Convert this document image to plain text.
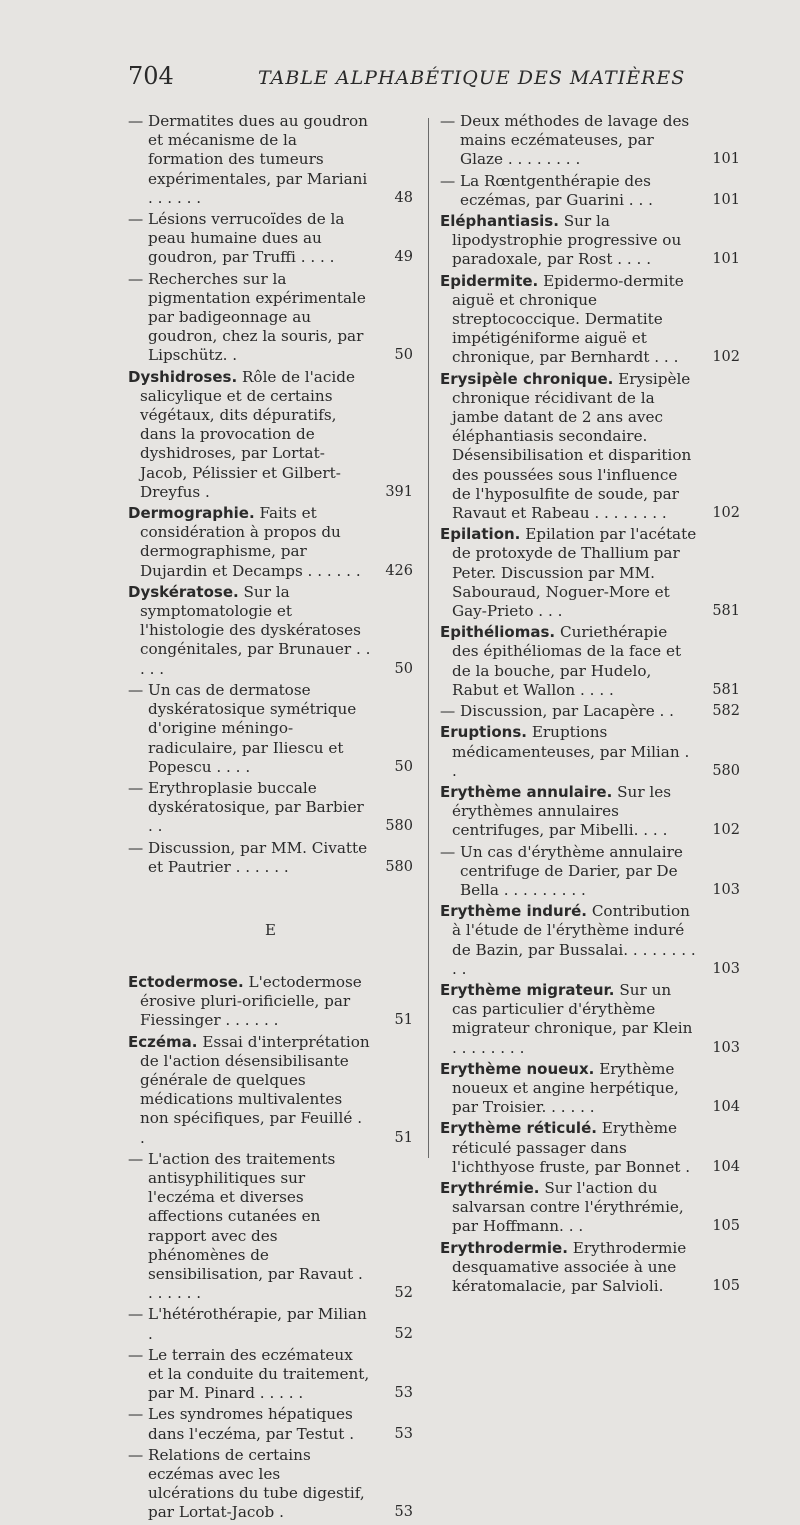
704	TABLE ALPHABÉTIQUE DES MATIÈRES
— Dermatites dues au goudron et mécanisme de la formation des tumeurs expérimentales, par Mariani . . . . . .	48
— Lésions verrucoïdes de la peau humaine dues au goudron, par Truffi . . . .	49
— Recherches sur la pigmentation expérimentale par badigeonnage au goudron, chez la souris, par Lipschütz. .	50
Dyshidroses. Rôle de l'acide salicylique et de certains végétaux, dits dépuratifs, dans la provocation de dyshidroses, par Lortat-Jacob, Pélissier et Gilbert-Dreyfus .	391
Dermographie. Faits et considération à propos du dermographisme, par Dujardin et Decamps . . . . . .	426
Dyskératose. Sur la symptomatologie et l'histologie des dyskératoses congénitales, par Brunauer . . . . .	50
— Un cas de dermatose dyskératosique symétrique d'origine méningo-radiculaire, par Iliescu et Popescu . . . .	50
— Erythroplasie buccale dyskératosique, par Barbier . .	580
— Discussion, par MM. Civatte et Pautrier . . . . . .	580
E
Ectodermose. L'ectodermose érosive pluri-orificielle, par Fiessinger . . . . . .	51
Eczéma. Essai d'interprétation de l'action désensibilisante générale de quelques médications multivalentes non spécifiques, par Feuillé . .	51
— L'action des traitements antisyphilitiques sur l'eczéma et diverses affections cutanées en rapport avec des phénomènes de sensibilisation, par Ravaut . . . . . . .	52
— L'hétérothérapie, par Milian .	52
— Le terrain des eczémateux et la conduite du traitement, par M. Pinard . . . . .	53
— Les syndromes hépatiques dans l'eczéma, par Testut .	53
— Relations de certains eczémas avec les ulcérations du tube digestif, par Lortat-Jacob .	53
— Deux méthodes de lavage des mains eczémateuses, par Glaze . . . . . . . .	101
— La Rœntgenthérapie des eczémas, par Guarini . . .	101
Eléphantiasis. Sur la lipodystrophie progressive ou paradoxale, par Rost . . . .	101
Epidermite. Epidermo-dermite aiguë et chronique streptococcique. Dermatite impétigéniforme aiguë et chronique, par Bernhardt . . .	102
Erysipèle chronique. Erysipèle chronique récidivant de la jambe datant de 2 ans avec éléphantiasis secondaire. Désensibilisation et disparition des poussées sous l'influence de l'hyposulfite de soude, par Ravaut et Rabeau . . . . . . . .	102
Epilation. Epilation par l'acétate de protoxyde de Thallium par Peter. Discussion par MM. Sabouraud, Noguer-More et Gay-Prieto . . .	581
Epithéliomas. Curiethérapie des épithéliomas de la face et de la bouche, par Hudelo, Rabut et Wallon . . . .	581
— Discussion, par Lacapère . .	582
Eruptions. Eruptions médicamenteuses, par Milian . .	580
Erythème annulaire. Sur les érythèmes annulaires centrifuges, par Mibelli. . . .	102
— Un cas d'érythème annulaire centrifuge de Darier, par De Bella . . . . . . . . .	103
Erythème induré. Contribution à l'étude de l'érythème induré de Bazin, par Bussalai. . . . . . . . . .	103
Erythème migrateur. Sur un cas particulier d'érythème migrateur chronique, par Klein . . . . . . . .	103
Erythème noueux. Erythème noueux et angine herpétique, par Troisier. . . . . .	104
Erythème réticulé. Erythème réticulé passager dans l'ichthyose fruste, par Bonnet .	104
Erythrémie. Sur l'action du salvarsan contre l'érythrémie, par Hoffmann. . .	105
Erythrodermie. Erythrodermie desquamative associée à une kératomalacie, par Salvioli.	105
